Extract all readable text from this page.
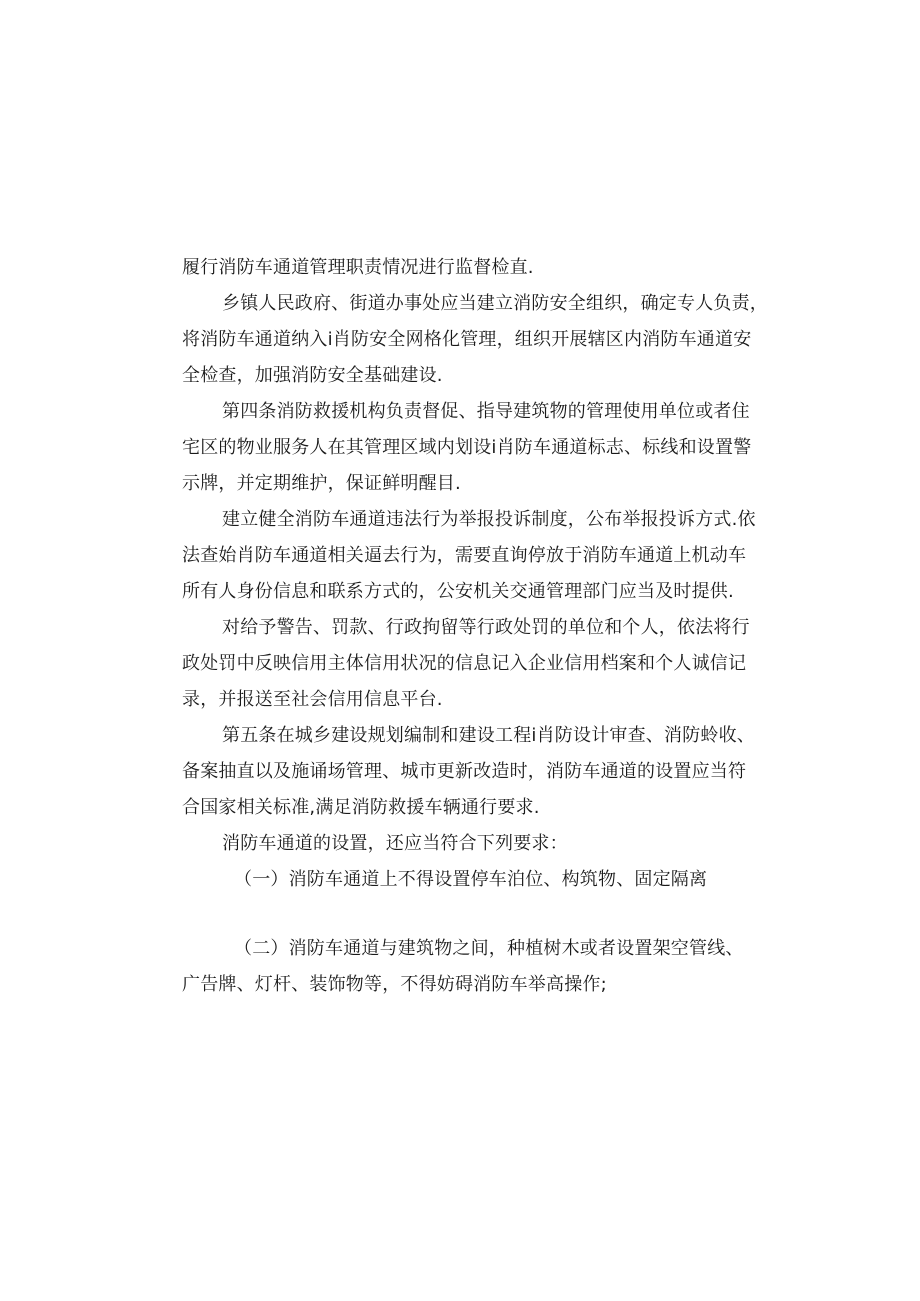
履行消防车通道管理职责情况进行监督检直.
乡镇人民政府、街道办事处应当建立消防安全组织，确定专人负责，
将消防车通道纳入i肖防安全网格化管理，组织开展辖区内消防车通道安
全检查，加强消防安全基础建设.
第四条消防救援机构负责督促、指导建筑物的管理使用单位或者住
宅区的物业服务人在其管理区域内划设i肖防车通道标志、标线和设置警
示牌，并定期维护，保证鲜明醒目.
建立健全消防车通道违法行为举报投诉制度，公布举报投诉方式.依
法查始肖防车通道相关逼去行为，需要直询停放于消防车通道上机动车
所有人身份信息和联系方式的，公安机关交通管理部门应当及时提供.
对给予警告、罚款、行政拘留等行政处罚的单位和个人，依法将行
政处罚中反映信用主体信用状况的信息记入企业信用档案和个人诚信记
录，并报送至社会信用信息平台.
第五条在城乡建设规划编制和建设工程i肖防设计审查、消防蛉收、
备案抽直以及施诵场管理、城市更新改造时，消防车通道的设置应当符
合国家相关标准,满足消防救援车辆通行要求.
消防车通道的设置，还应当符合下列要求：
（一）消防车通道上不得设置停车泊位、构筑物、固定隔离
（二）消防车通道与建筑物之间，种植树木或者设置架空管线、
广告牌、灯杆、装饰物等，不得妨碍消防车举高操作;
